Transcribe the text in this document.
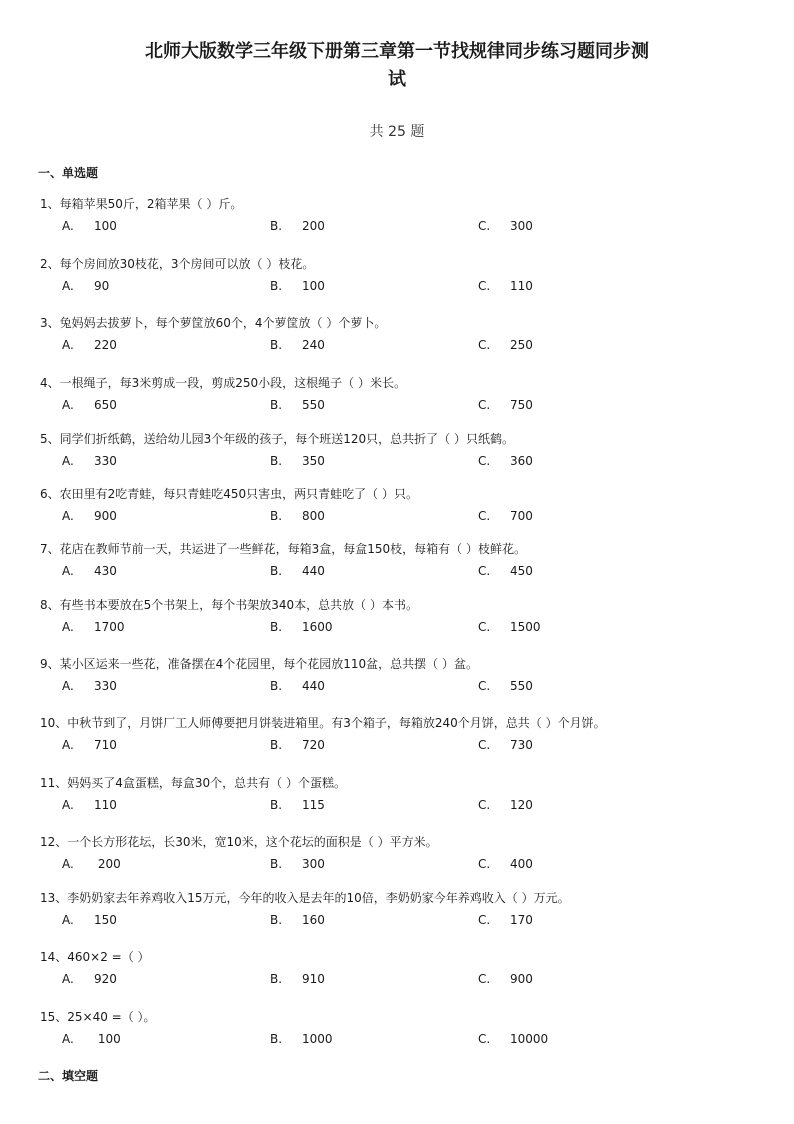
北师大版数学三年级下册第三章第一节找规律同步练习题同步测
试
共 25 题
一、单选题
1、每箱苹果50斤，2箱苹果（ ）斤。
A. 100	B. 200	C. 300
2、每个房间放30枝花，3个房间可以放（ ）枝花。
A. 90	B. 100	C. 110
3、兔妈妈去拔萝卜，每个萝筐放60个，4个萝筐放（ ）个萝卜。
A. 220	B. 240	C. 250
4、一根绳子，每3米剪成一段，剪成250小段，这根绳子（ ）米长。
A. 650	B. 550	C. 750
5、同学们折纸鹤，送给幼儿园3个年级的孩子，每个班送120只，总共折了（ ）只纸鹤。
A. 330	B. 350	C. 360
6、农田里有2吃青蛙，每只青蛙吃450只害虫，两只青蛙吃了（ ）只。
A. 900	B. 800	C. 700
7、花店在教师节前一天，共运进了一些鲜花，每箱3盒，每盒150枝，每箱有（ ）枝鲜花。
A. 430	B. 440	C. 450
8、有些书本要放在5个书架上，每个书架放340本，总共放（ ）本书。
A. 1700	B. 1600	C. 1500
9、某小区运来一些花，准备摆在4个花园里，每个花园放110盆，总共摆（ ）盆。
A. 330	B. 440	C. 550
10、中秋节到了，月饼厂工人师傅要把月饼装进箱里。有3个箱子，每箱放240个月饼，总共（ ）个月饼。
A. 710	B. 720	C. 730
11、妈妈买了4盒蛋糕，每盒30个，总共有（ ）个蛋糕。
A. 110	B. 115	C. 120
12、一个长方形花坛，长30米，宽10米，这个花坛的面积是（ ）平方米。
A. 200	B. 300	C. 400
13、李奶奶家去年养鸡收入15万元，今年的收入是去年的10倍，李奶奶家今年养鸡收入（ ）万元。
A. 150	B. 160	C. 170
14、460×2 =（ ）
A. 920	B. 910	C. 900
15、25×40 =（ ）。
A. 100	B. 1000	C. 10000
二、填空题
